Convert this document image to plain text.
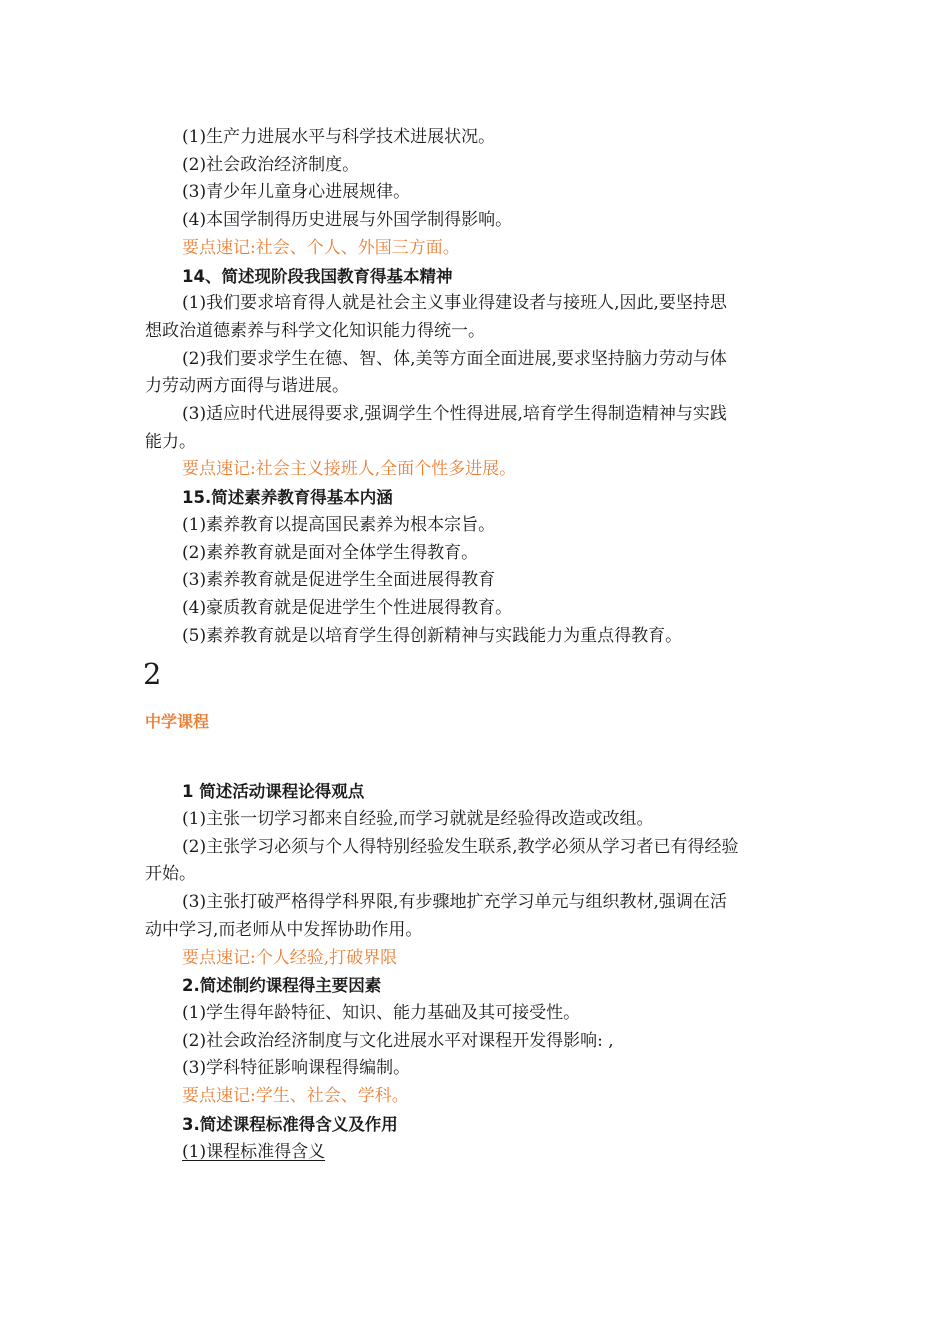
(1)生产力进展水平与科学技术进展状况。

(2)社会政治经济制度。

(3)青少年儿童身心进展规律。

(4)本国学制得历史进展与外国学制得影响。

要点速记:社会、个人、外国三方面。

14、简述现阶段我国教育得基本精神

(1)我们要求培育得人就是社会主义事业得建设者与接班人,因此,要坚持思

想政治道德素养与科学文化知识能力得统一。

(2)我们要求学生在德、智、体,美等方面全面进展,要求坚持脑力劳动与体

力劳动两方面得与谐进展。

(3)适应时代进展得要求,强调学生个性得进展,培育学生得制造精神与实践

能力。

要点速记:社会主义接班人,全面个性多进展。

15.简述素养教育得基本内涵

(1)素养教育以提高国民素养为根本宗旨。

(2)素养教育就是面对全体学生得教育。

(3)素养教育就是促进学生全面进展得教育

(4)豪质教育就是促进学生个性进展得教育。

(5)素养教育就是以培育学生得创新精神与实践能力为重点得教育。

2

中学课程

1 简述活动课程论得观点

(1)主张一切学习都来自经验,而学习就就是经验得改造或改组。

(2)主张学习必须与个人得特别经验发生联系,教学必须从学习者已有得经验

开始。

(3)主张打破严格得学科界限,有步骤地扩充学习单元与组织教材,强调在活

动中学习,而老师从中发挥协助作用。

要点速记:个人经验,打破界限

2.简述制约课程得主要因素

(1)学生得年龄特征、知识、能力基础及其可接受性。

(2)社会政治经济制度与文化进展水平对课程开发得影响: ,

(3)学科特征影响课程得编制。

要点速记:学生、社会、学科。

3.简述课程标准得含义及作用

(1)课程标准得含义
